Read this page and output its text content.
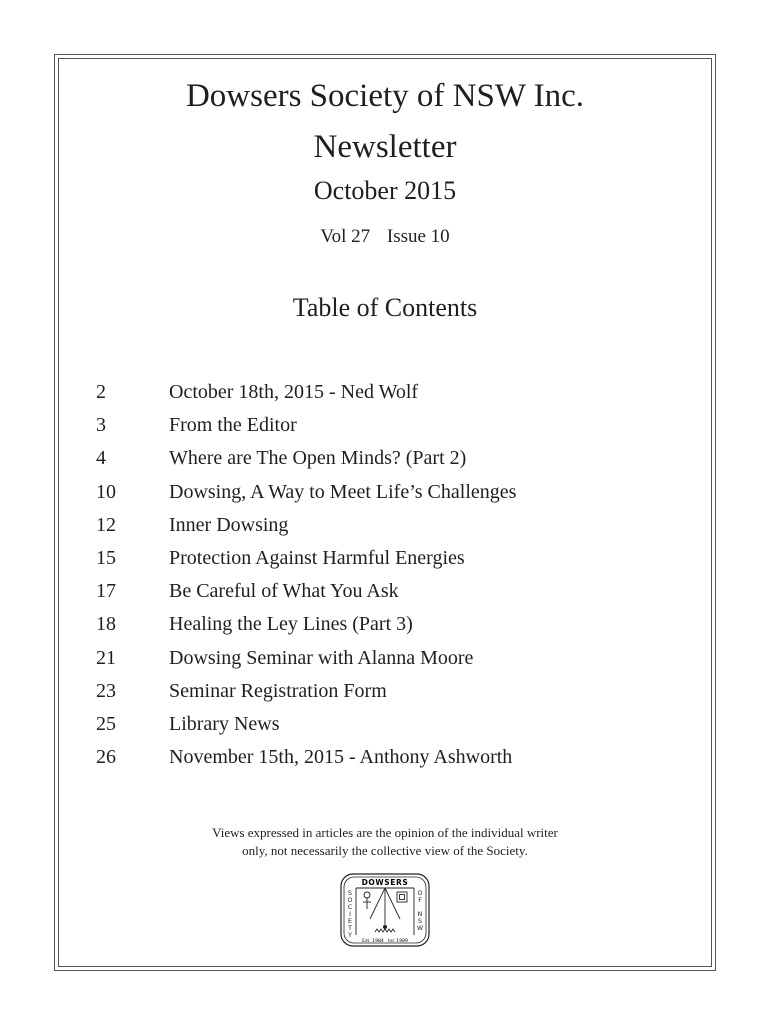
Dowsers Society of NSW Inc.
Newsletter
October 2015
Vol 27 Issue 10
Table of Contents
2	October 18th, 2015 - Ned Wolf
3	From the Editor
4	Where are The Open Minds? (Part 2)
10	Dowsing, A Way to Meet Life’s Challenges
12	Inner Dowsing
15	Protection Against Harmful Energies
17	Be Careful of What You Ask
18	Healing the Ley Lines (Part 3)
21	Dowsing Seminar with Alanna Moore
23	Seminar Registration Form
25	Library News
26	November 15th, 2015 - Anthony Ashworth
Views expressed in articles are the opinion of the individual writer
only, not necessarily the collective view of the Society.
DOWSERS
S
O
C
I
E
T
Y
O
F
N
S
W
Est. 1984 Inc 1989
